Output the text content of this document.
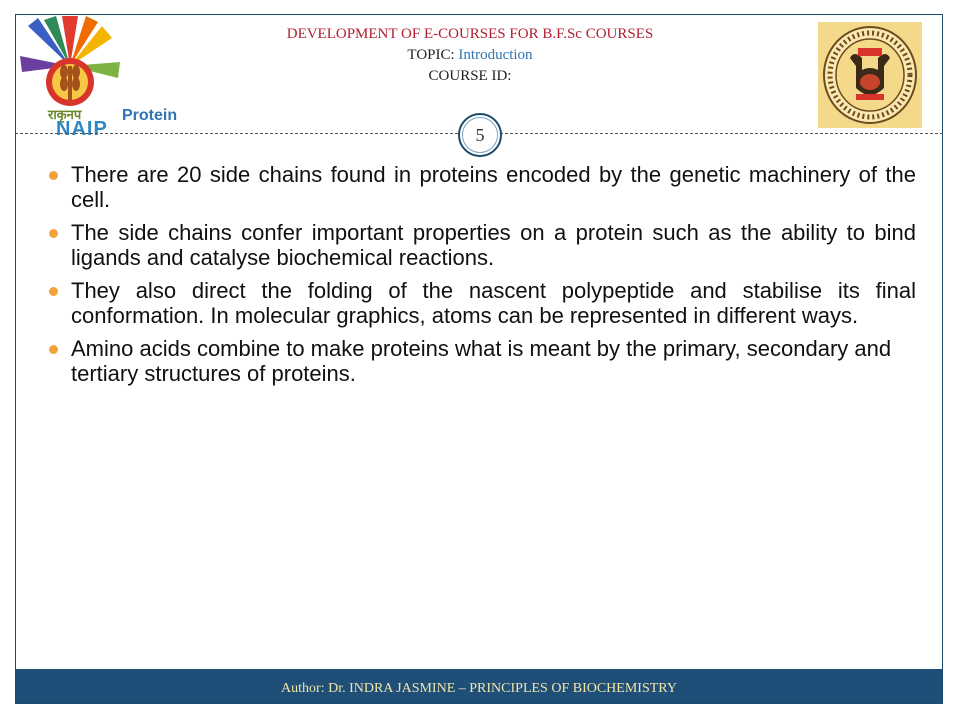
राकृनप
NAIP
Protein
DEVELOPMENT OF E-COURSES FOR B.F.Sc COURSES
TOPIC: Introduction
COURSE ID:
5
There are 20 side chains found in proteins encoded by the genetic machinery of the cell.
The side chains confer important properties on a protein such as the ability to bind ligands and catalyse biochemical reactions.
They also direct the folding of the nascent polypeptide and stabilise its final conformation. In molecular graphics, atoms can be represented in different ways.
Amino acids combine to make proteins what is meant by the primary, secondary and tertiary structures of proteins.
Author: Dr. INDRA JASMINE – PRINCIPLES OF BIOCHEMISTRY
